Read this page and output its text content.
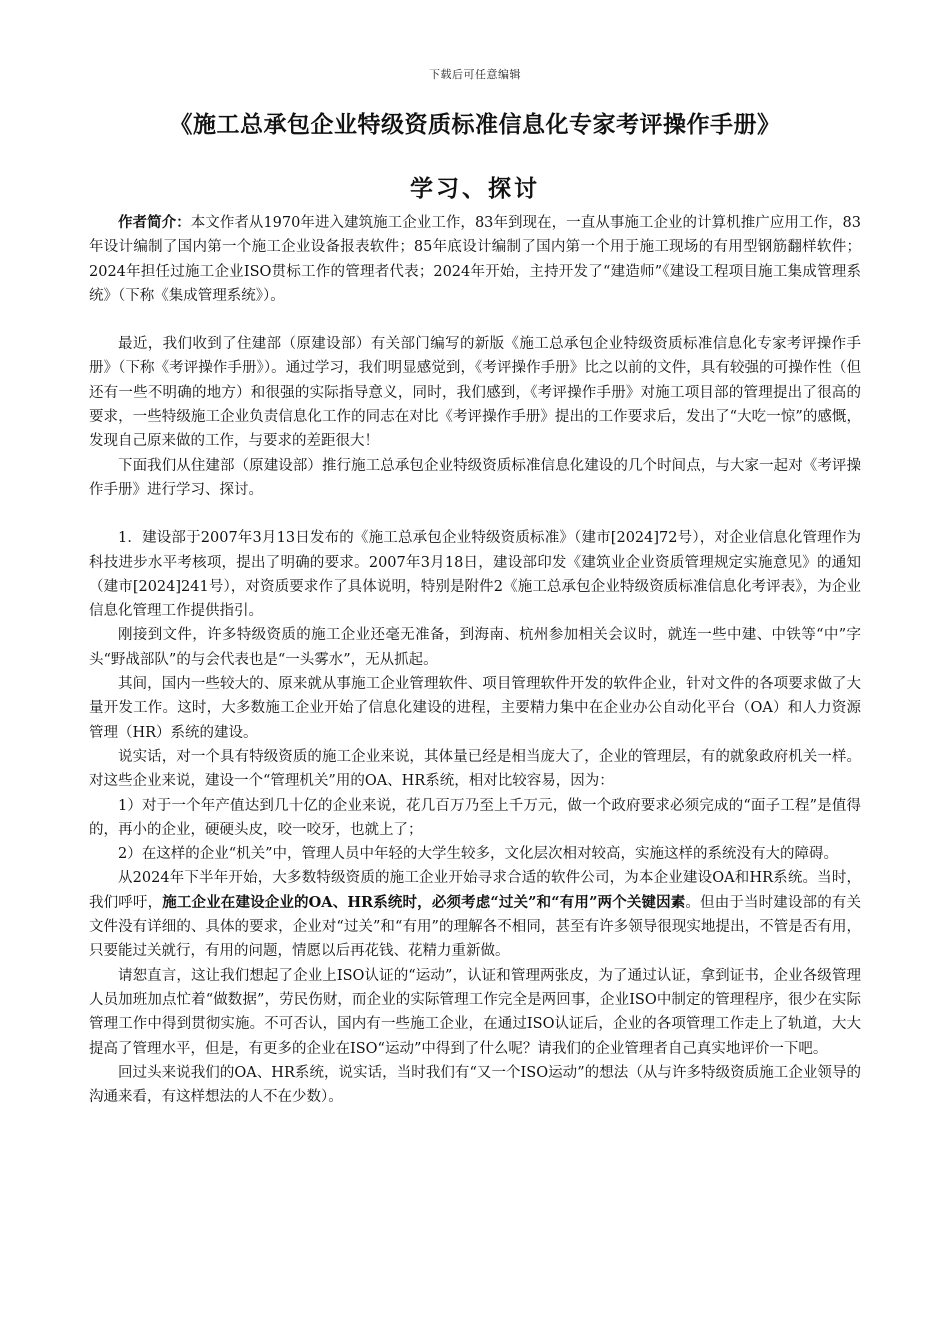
下载后可任意编辑
《施工总承包企业特级资质标准信息化专家考评操作手册》
学习、探讨

作者简介：本文作者从1970年进入建筑施工企业工作，83年到现在，一直从事施工企业的计算机推广应用工作，83年设计编制了国内第一个施工企业设备报表软件；85年底设计编制了国内第一个用于施工现场的有用型钢筋翻样软件；2024年担任过施工企业ISO贯标工作的管理者代表；2024年开始，主持开发了“建造师”《建设工程项目施工集成管理系统》（下称《集成管理系统》）。

最近，我们收到了住建部（原建设部）有关部门编写的新版《施工总承包企业特级资质标准信息化专家考评操作手册》（下称《考评操作手册》）。通过学习，我们明显感觉到，《考评操作手册》比之以前的文件，具有较强的可操作性（但还有一些不明确的地方）和很强的实际指导意义，同时，我们感到，《考评操作手册》对施工项目部的管理提出了很高的要求，一些特级施工企业负责信息化工作的同志在对比《考评操作手册》提出的工作要求后，发出了“大吃一惊”的感慨，发现自己原来做的工作，与要求的差距很大！

下面我们从住建部（原建设部）推行施工总承包企业特级资质标准信息化建设的几个时间点，与大家一起对《考评操作手册》进行学习、探讨。

1．建设部于2007年3月13日发布的《施工总承包企业特级资质标准》（建市[2024]72号），对企业信息化管理作为科技进步水平考核项，提出了明确的要求。2007年3月18日，建设部印发《建筑业企业资质管理规定实施意见》的通知（建市[2024]241号），对资质要求作了具体说明，特别是附件2《施工总承包企业特级资质标准信息化考评表》，为企业信息化管理工作提供指引。

刚接到文件，许多特级资质的施工企业还毫无准备，到海南、杭州参加相关会议时，就连一些中建、中铁等“中”字头“野战部队”的与会代表也是“一头雾水”，无从抓起。

其间，国内一些较大的、原来就从事施工企业管理软件、项目管理软件开发的软件企业，针对文件的各项要求做了大量开发工作。这时，大多数施工企业开始了信息化建设的进程，主要精力集中在企业办公自动化平台（OA）和人力资源管理（HR）系统的建设。

说实话，对一个具有特级资质的施工企业来说，其体量已经是相当庞大了，企业的管理层，有的就象政府机关一样。对这些企业来说，建设一个“管理机关”用的OA、HR系统，相对比较容易，因为：

1）对于一个年产值达到几十亿的企业来说，花几百万乃至上千万元，做一个政府要求必须完成的“面子工程”是值得的，再小的企业，硬硬头皮，咬一咬牙，也就上了；

2）在这样的企业“机关”中，管理人员中年轻的大学生较多，文化层次相对较高，实施这样的系统没有大的障碍。

从2024年下半年开始，大多数特级资质的施工企业开始寻求合适的软件公司，为本企业建设OA和HR系统。当时，我们呼吁，施工企业在建设企业的OA、HR系统时，必须考虑“过关”和“有用”两个关键因素。但由于当时建设部的有关文件没有详细的、具体的要求，企业对“过关”和“有用”的理解各不相同，甚至有许多领导很现实地提出，不管是否有用，只要能过关就行，有用的问题，情愿以后再花钱、花精力重新做。

请恕直言，这让我们想起了企业上ISO认证的“运动”，认证和管理两张皮，为了通过认证，拿到证书，企业各级管理人员加班加点忙着“做数据”，劳民伤财，而企业的实际管理工作完全是两回事，企业ISO中制定的管理程序，很少在实际管理工作中得到贯彻实施。不可否认，国内有一些施工企业，在通过ISO认证后，企业的各项管理工作走上了轨道，大大提高了管理水平，但是，有更多的企业在ISO“运动”中得到了什么呢？请我们的企业管理者自己真实地评价一下吧。

回过头来说我们的OA、HR系统，说实话，当时我们有“又一个ISO运动”的想法（从与许多特级资质施工企业领导的沟通来看，有这样想法的人不在少数）。
